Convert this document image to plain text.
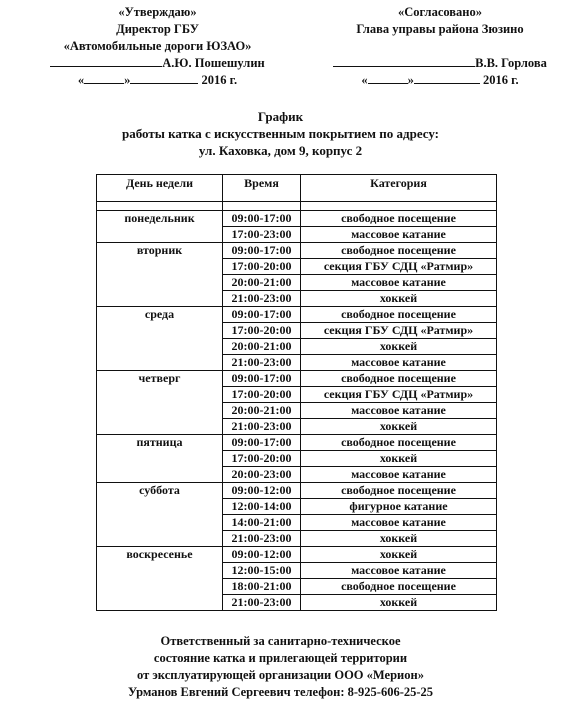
«Утверждаю»
Директор ГБУ
«Автомобильные дороги ЮЗАО»
А.Ю. Пошешулин
«	»	2016 г.
«Согласовано»
Глава управы района Зюзино

В.В. Горлова
«	»	2016 г.
График
работы катка с искусственным покрытием по адресу:
ул. Каховка, дом 9, корпус 2
День недели	Время	Категория

понедельник	09:00-17:00	свободное посещение
	17:00-23:00	массовое катание
вторник	09:00-17:00	свободное посещение
	17:00-20:00	секция ГБУ СДЦ «Ратмир»
	20:00-21:00	массовое катание
	21:00-23:00	хоккей
среда	09:00-17:00	свободное посещение
	17:00-20:00	секция ГБУ СДЦ «Ратмир»
	20:00-21:00	хоккей
	21:00-23:00	массовое катание
четверг	09:00-17:00	свободное посещение
	17:00-20:00	секция ГБУ СДЦ «Ратмир»
	20:00-21:00	массовое катание
	21:00-23:00	хоккей
пятница	09:00-17:00	свободное посещение
	17:00-20:00	хоккей
	20:00-23:00	массовое катание
суббота	09:00-12:00	свободное посещение
	12:00-14:00	фигурное катание
	14:00-21:00	массовое катание
	21:00-23:00	хоккей
воскресенье	09:00-12:00	хоккей
	12:00-15:00	массовое катание
	18:00-21:00	свободное посещение
	21:00-23:00	хоккей
Ответственный за санитарно-техническое
состояние катка и прилегающей территории
от эксплуатирующей организации ООО «Мерион»
Урманов Евгений Сергеевич телефон: 8-925-606-25-25
